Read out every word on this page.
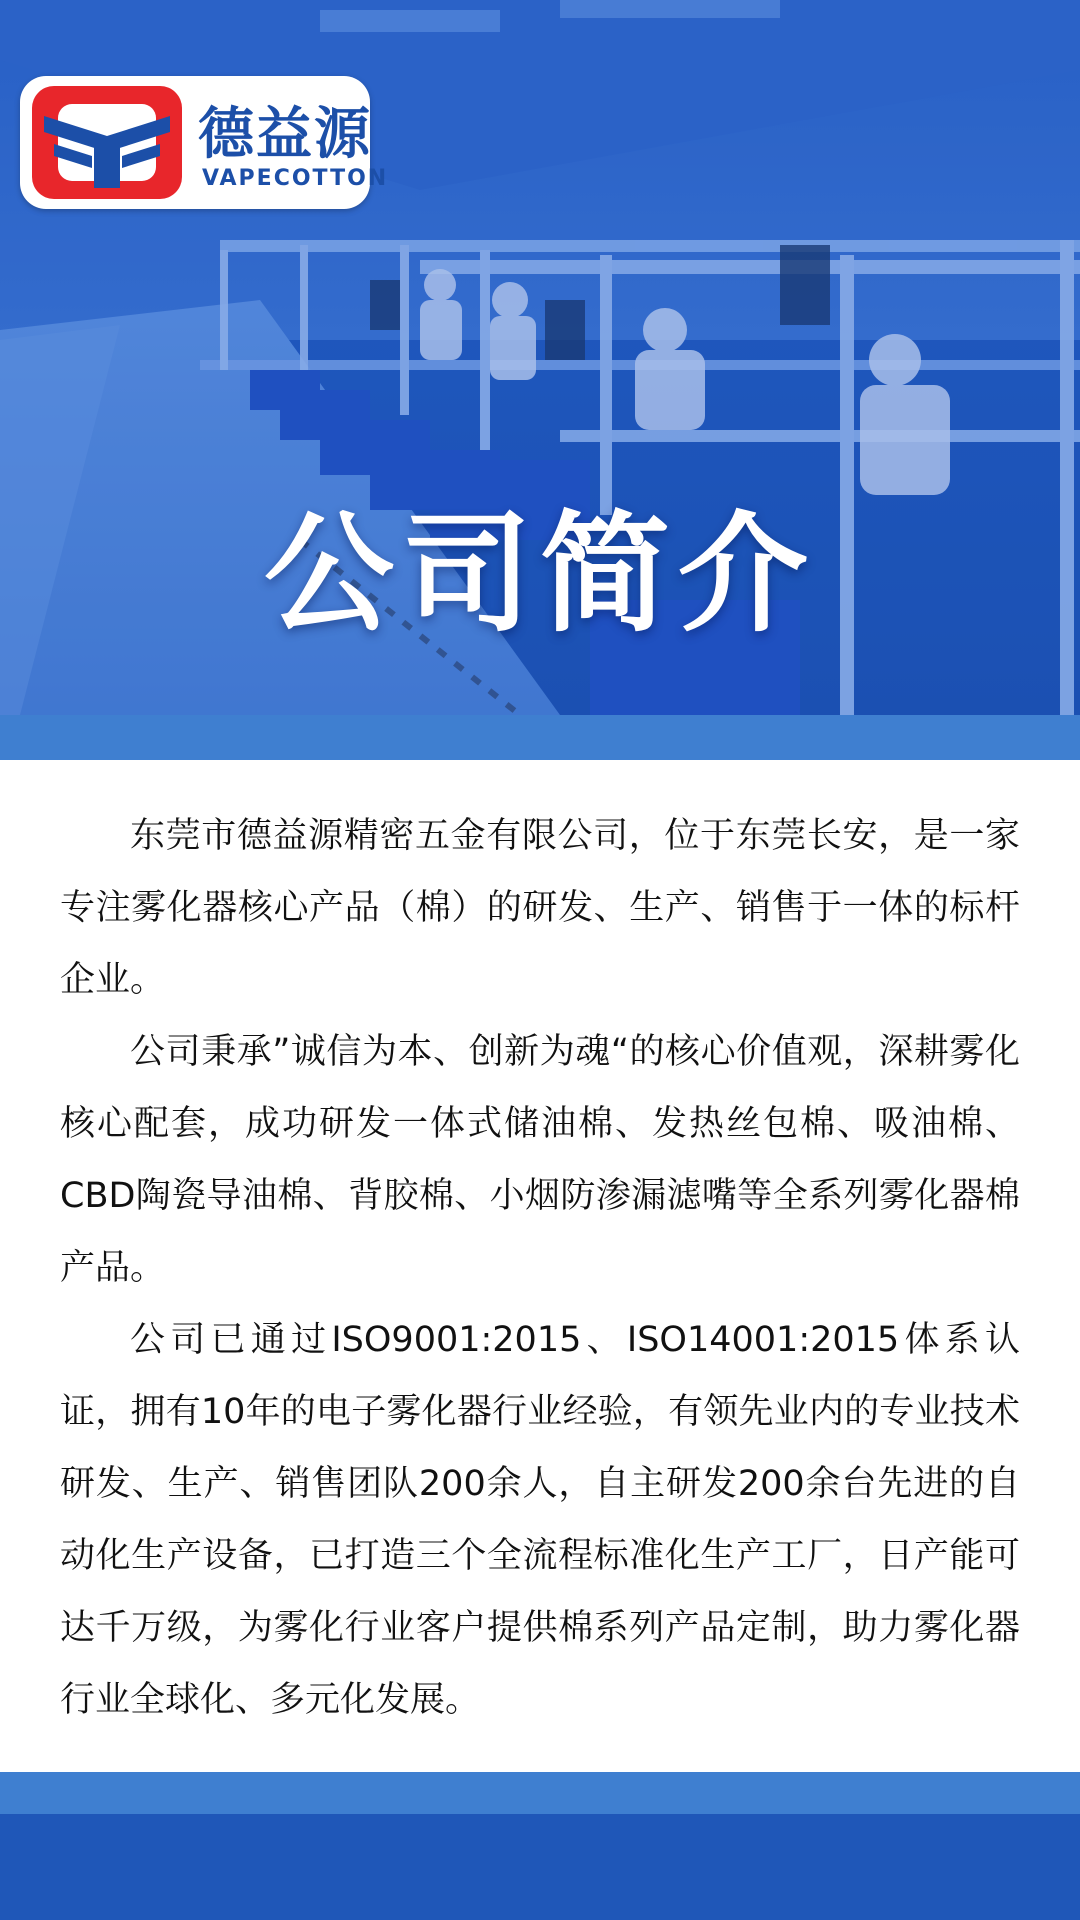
公司简介
德益源
VAPECOTTON

东莞市德益源精密五金有限公司，位于东莞长安，是一家专注雾化器核心产品（棉）的研发、生产、销售于一体的标杆企业。

公司秉承”诚信为本、创新为魂“的核心价值观，深耕雾化核心配套，成功研发一体式储油棉、发热丝包棉、吸油棉、CBD陶瓷导油棉、背胶棉、小烟防渗漏滤嘴等全系列雾化器棉产品。

公司已通过ISO9001:2015、ISO14001:2015体系认证，拥有10年的电子雾化器行业经验，有领先业内的专业技术研发、生产、销售团队200余人，自主研发200余台先进的自动化生产设备，已打造三个全流程标准化生产工厂，日产能可达千万级，为雾化行业客户提供棉系列产品定制，助力雾化器行业全球化、多元化发展。
